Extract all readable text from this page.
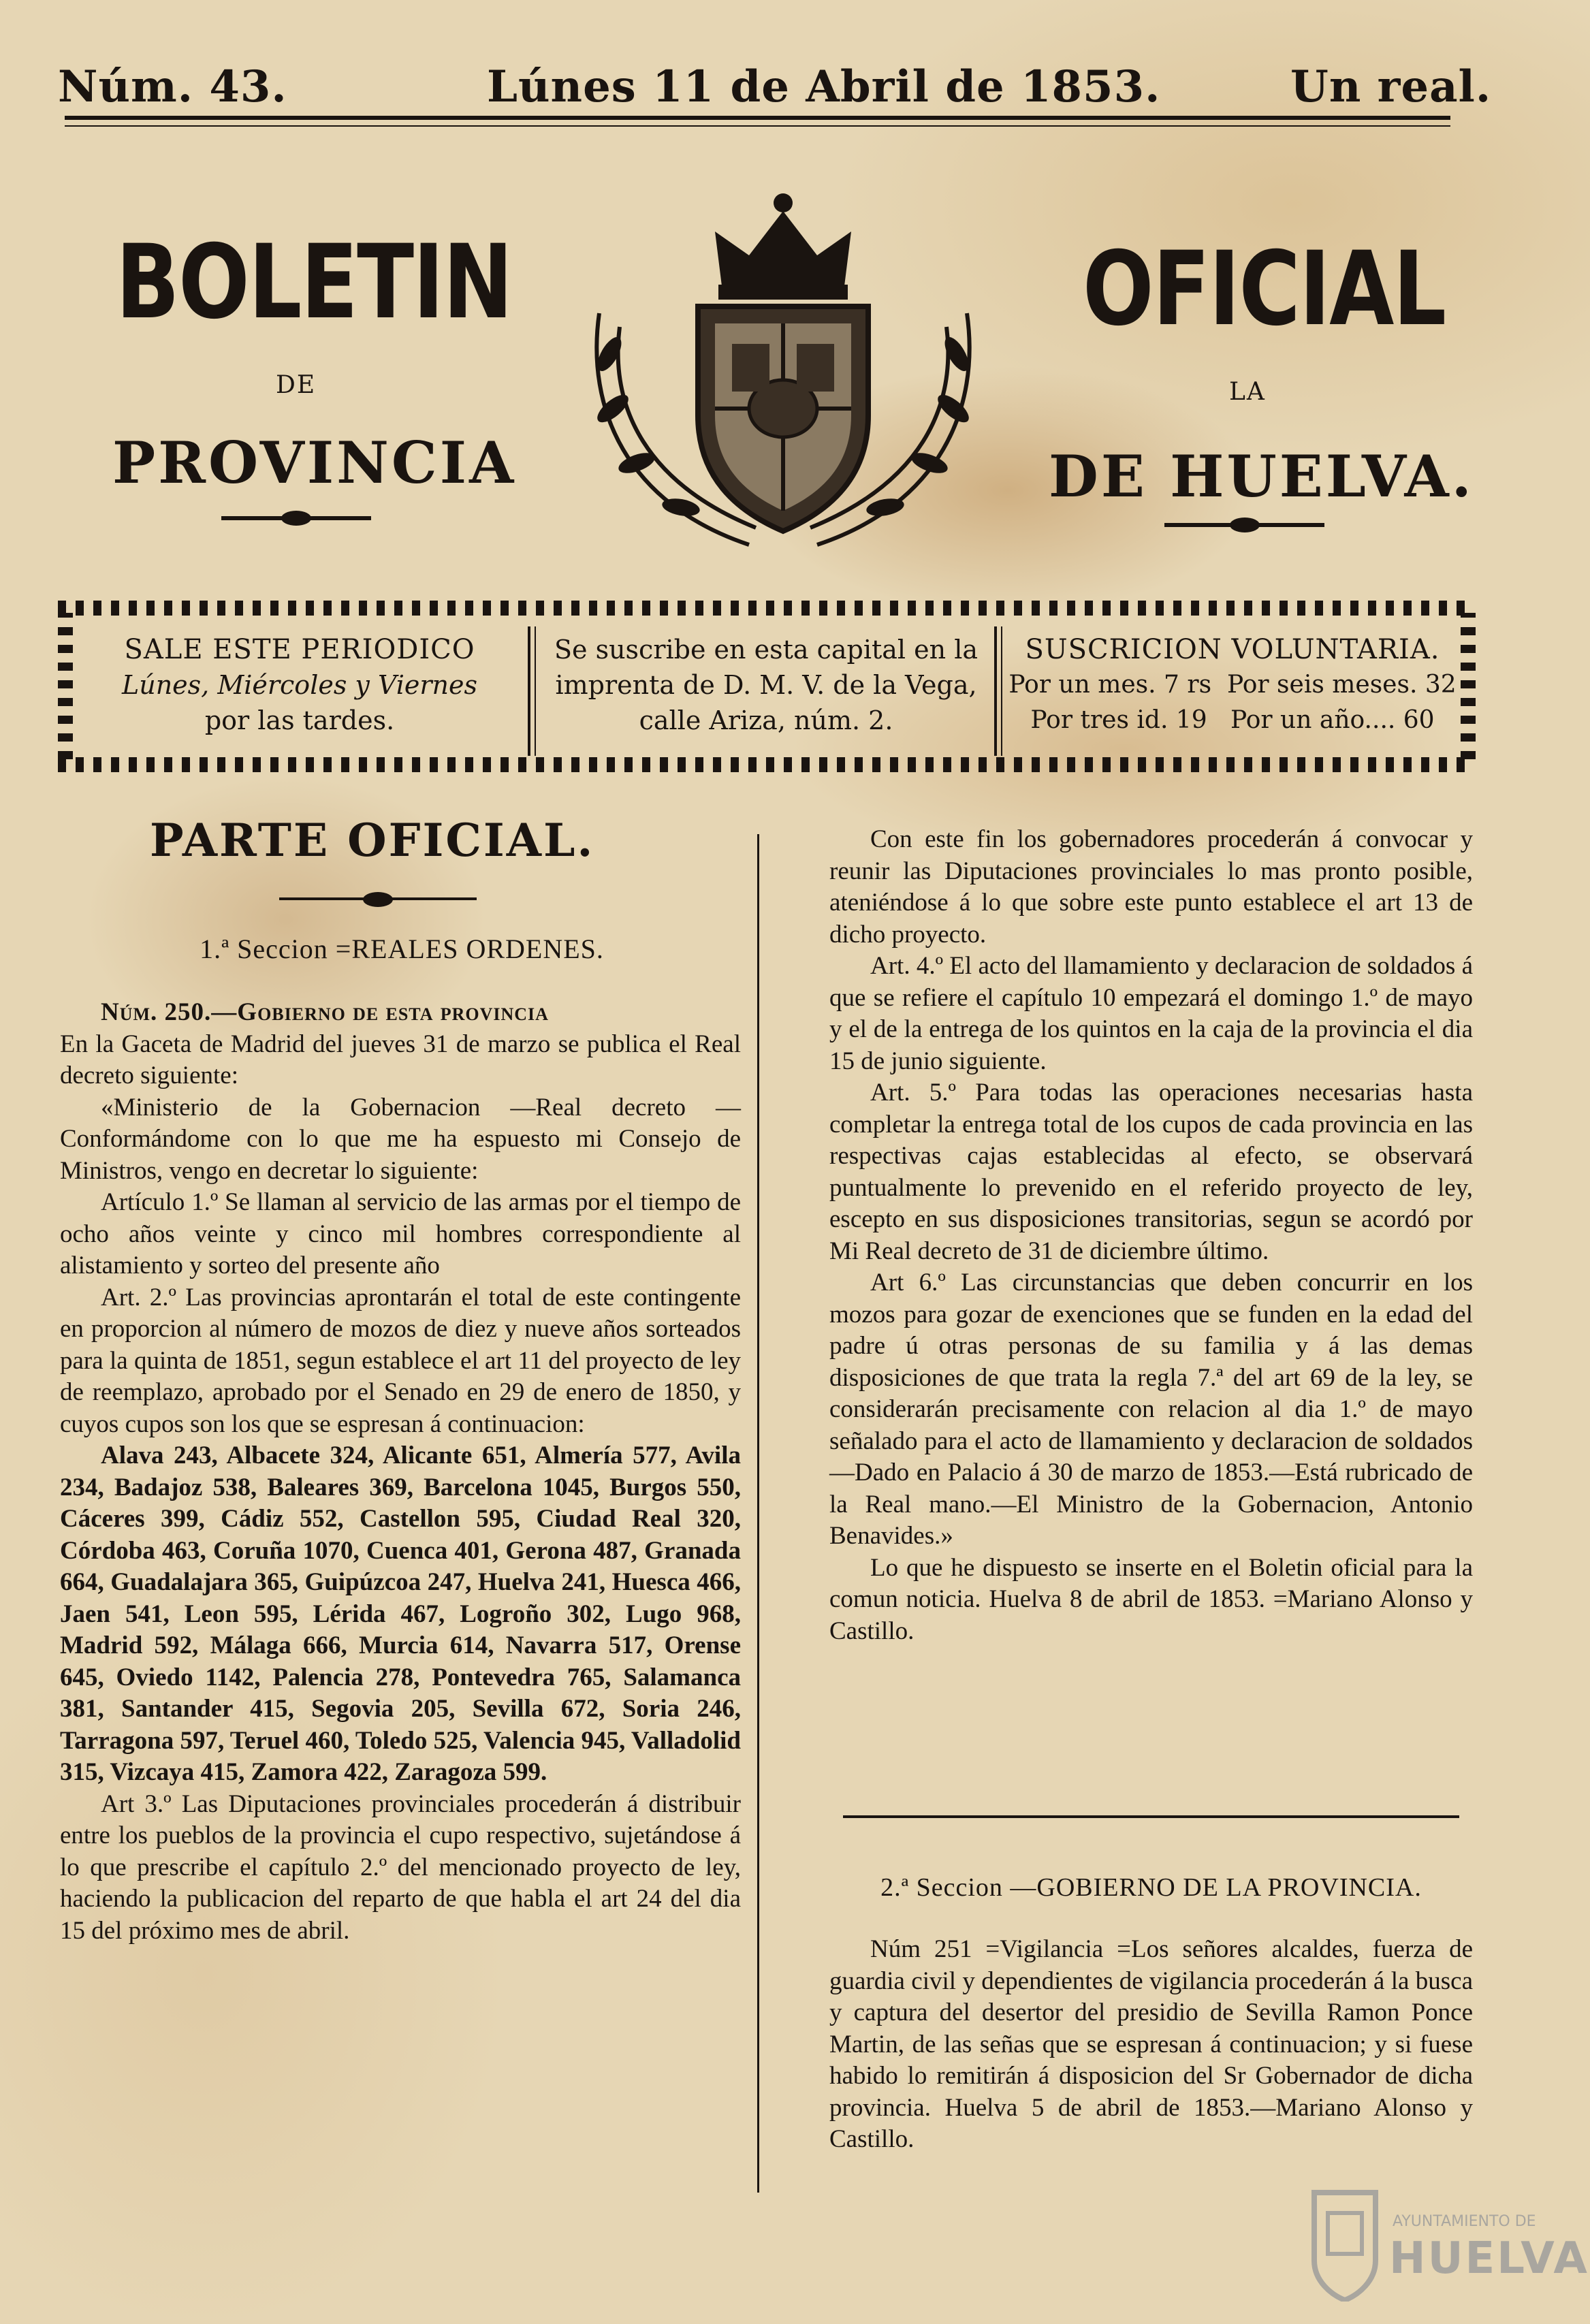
Núm. 43.	Lúnes 11 de Abril de 1853.	Un real.
BOLETIN
DE
PROVINCIA
OFICIAL
LA
DE HUELVA.
SALE ESTE PERIODICO
Lúnes, Miércoles y Viernes
por las tardes.
Se suscribe en esta capital en la
imprenta de D. M. V. de la Vega,
calle Ariza, núm. 2.
SUSCRICION VOLUNTARIA.
Por un mes. 7 rs  Por seis meses. 32
Por tres id. 19   Por un año.... 60
PARTE OFICIAL.
1.ª Seccion =REALES ORDENES.

Núm. 250.—Gobierno de esta provincia

En la Gaceta de Madrid del jueves 31 de marzo se publica el Real decreto siguiente:

«Ministerio de la Gobernacion —Real decreto —Conformándome con lo que me ha espuesto mi Consejo de Ministros, vengo en decretar lo siguiente:

Artículo 1.º Se llaman al servicio de las armas por el tiempo de ocho años veinte y cinco mil hombres correspondiente al alistamiento y sorteo del presente año

Art. 2.º Las provincias aprontarán el total de este contingente en proporcion al número de mozos de diez y nueve años sorteados para la quinta de 1851, segun establece el art 11 del proyecto de ley de reemplazo, aprobado por el Senado en 29 de enero de 1850, y cuyos cupos son los que se espresan á continuacion:

Alava 243, Albacete 324, Alicante 651, Almería 577, Avila 234, Badajoz 538, Baleares 369, Barcelona 1045, Burgos 550, Cáceres 399, Cádiz 552, Castellon 595, Ciudad Real 320, Córdoba 463, Coruña 1070, Cuenca 401, Gerona 487, Granada 664, Guadalajara 365, Guipúzcoa 247, Huelva 241, Huesca 466, Jaen 541, Leon 595, Lérida 467, Logroño 302, Lugo 968, Madrid 592, Málaga 666, Murcia 614, Navarra 517, Orense 645, Oviedo 1142, Palencia 278, Pontevedra 765, Salamanca 381, Santander 415, Segovia 205, Sevilla 672, Soria 246, Tarragona 597, Teruel 460, Toledo 525, Valencia 945, Valladolid 315, Vizcaya 415, Zamora 422, Zaragoza 599.

Art 3.º Las Diputaciones provinciales procederán á distribuir entre los pueblos de la provincia el cupo respectivo, sujetándose á lo que prescribe el capítulo 2.º del mencionado proyecto de ley, haciendo la publicacion del reparto de que habla el art 24 del dia 15 del próximo mes de abril.

Con este fin los gobernadores procederán á convocar y reunir las Diputaciones provinciales lo mas pronto posible, ateniéndose á lo que sobre este punto establece el art 13 de dicho proyecto.

Art. 4.º El acto del llamamiento y declaracion de soldados á que se refiere el capítulo 10 empezará el domingo 1.º de mayo y el de la entrega de los quintos en la caja de la provincia el dia 15 de junio siguiente.

Art. 5.º Para todas las operaciones necesarias hasta completar la entrega total de los cupos de cada provincia en las respectivas cajas establecidas al efecto, se observará puntualmente lo prevenido en el referido proyecto de ley, escepto en sus disposiciones transitorias, segun se acordó por Mi Real decreto de 31 de diciembre último.

Art 6.º Las circunstancias que deben concurrir en los mozos para gozar de exenciones que se funden en la edad del padre ú otras personas de su familia y á las demas disposiciones de que trata la regla 7.ª del art 69 de la ley, se considerarán precisamente con relacion al dia 1.º de mayo señalado para el acto de llamamiento y declaracion de soldados —Dado en Palacio á 30 de marzo de 1853.—Está rubricado de la Real mano.—El Ministro de la Gobernacion, Antonio Benavides.»

Lo que he dispuesto se inserte en el Boletin oficial para la comun noticia. Huelva 8 de abril de 1853. =Mariano Alonso y Castillo.

2.ª Seccion —GOBIERNO DE LA PROVINCIA.

Núm 251 =Vigilancia =Los señores alcaldes, fuerza de guardia civil y dependientes de vigilancia procederán á la busca y captura del desertor del presidio de Sevilla Ramon Ponce Martin, de las señas que se espresan á continuacion; y si fuese habido lo remitirán á disposicion del Sr Gobernador de dicha provincia. Huelva 5 de abril de 1853.—Mariano Alonso y Castillo.

AYUNTAMIENTO DE
HUELVA
